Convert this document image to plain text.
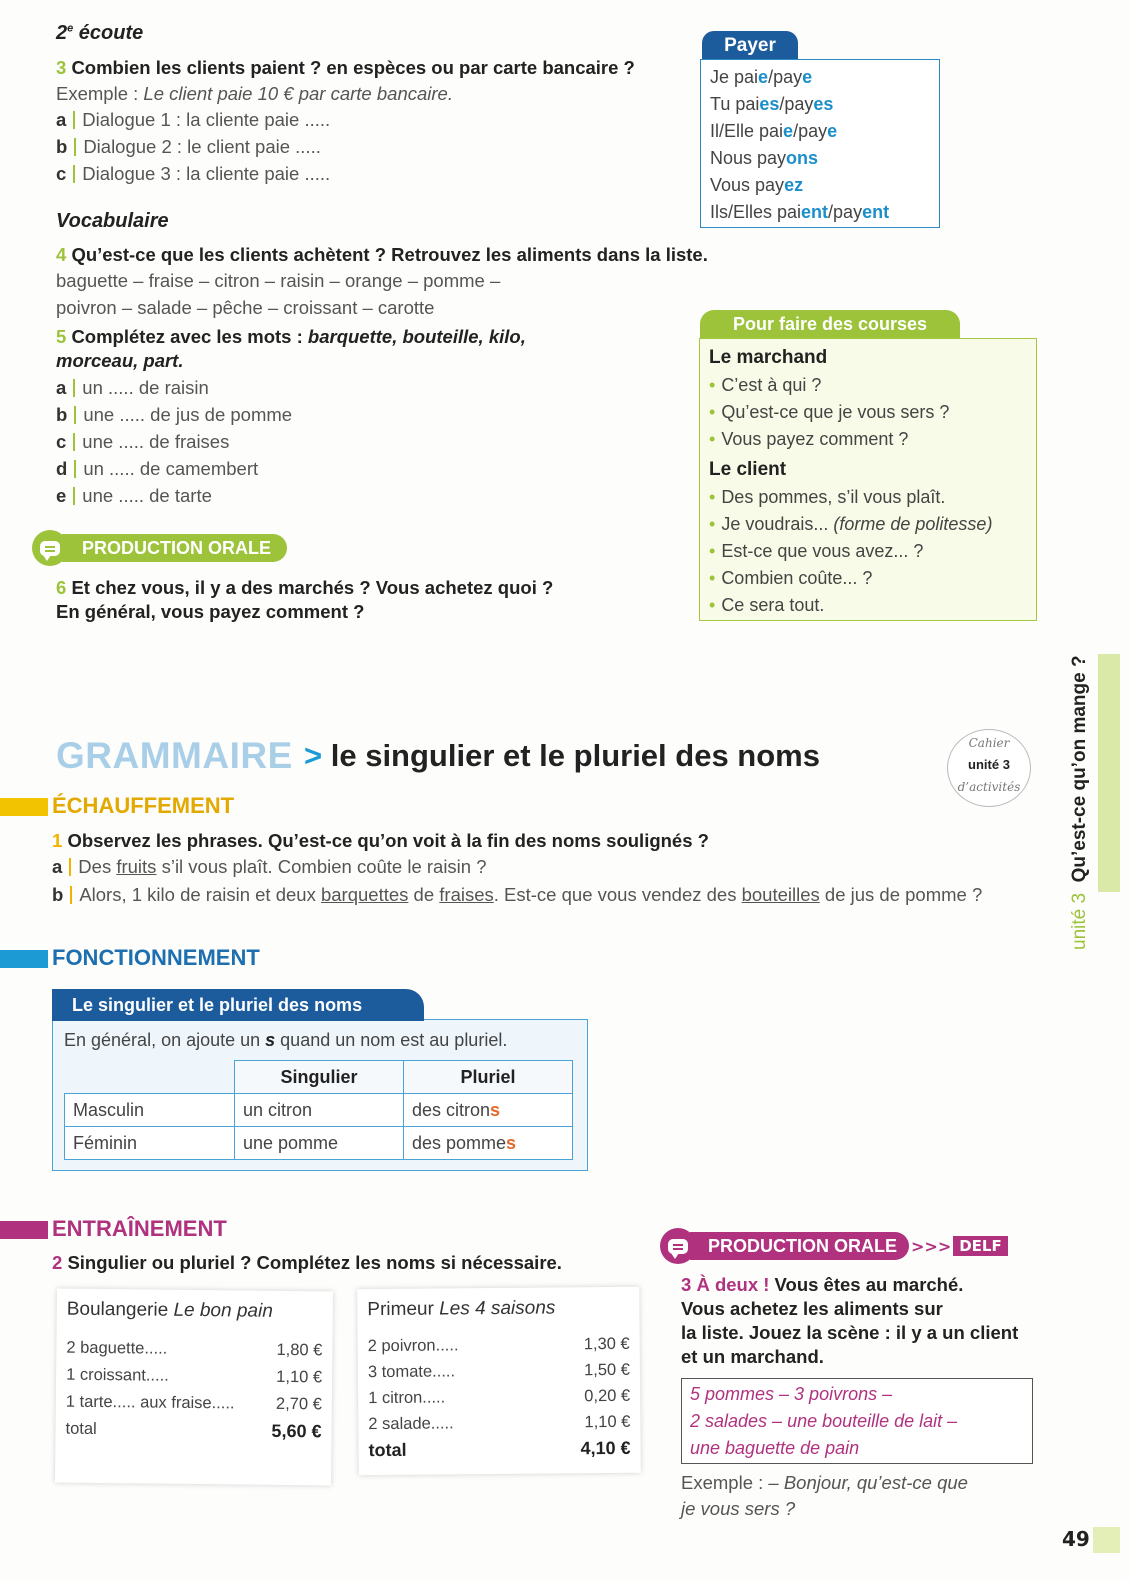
2e écoute
3 Combien les clients paient ? en espèces ou par carte bancaire ?
Exemple : Le client paie 10 € par carte bancaire.
a Dialogue 1 : la cliente paie .....
b Dialogue 2 : le client paie .....
c Dialogue 3 : la cliente paie .....
Vocabulaire
4 Qu’est-ce que les clients achètent ? Retrouvez les aliments dans la liste.
baguette – fraise – citron – raisin – orange – pomme –
poivron – salade – pêche – croissant – carotte
5 Complétez avec les mots : barquette, bouteille, kilo,
morceau, part.
a un ..... de raisin
b une ..... de jus de pomme
c une ..... de fraises
d un ..... de camembert
e une ..... de tarte
PRODUCTION ORALE
6 Et chez vous, il y a des marchés ? Vous achetez quoi ?
En général, vous payez comment ?
Payer
Je paie/paye
Tu paies/payes
Il/Elle paie/paye
Nous payons
Vous payez
Ils/Elles paient/payent
Pour faire des courses
Le marchand
• C’est à qui ?
• Qu’est-ce que je vous sers ?
• Vous payez comment ?
Le client
• Des pommes, s’il vous plaît.
• Je voudrais... (forme de politesse)
• Est-ce que vous avez... ?
• Combien coûte... ?
• Ce sera tout.
unité 3  Qu’est-ce qu’on mange ?
GRAMMAIRE > le singulier et le pluriel des noms	Cahier
unité 3
d’activités
ÉCHAUFFEMENT
1 Observez les phrases. Qu’est-ce qu’on voit à la fin des noms soulignés ?
a Des fruits s’il vous plaît. Combien coûte le raisin ?
b Alors, 1 kilo de raisin et deux barquettes de fraises. Est-ce que vous vendez des bouteilles de jus de pomme ?
FONCTIONNEMENT
Le singulier et le pluriel des noms
En général, on ajoute un s quand un nom est au pluriel.
	Singulier	Pluriel
Masculin	un citron	des citrons
Féminin	une pomme	des pommes
ENTRAÎNEMENT
2 Singulier ou pluriel ? Complétez les noms si nécessaire.
Boulangerie Le bon pain
2 baguette.....	1,80 €
1 croissant.....	1,10 €
1 tarte..... aux fraise..... 2,70 €
total	5,60 €
Primeur Les 4 saisons
2 poivron.....	1,30 €
3 tomate.....	1,50 €
1 citron.....	0,20 €
2 salade.....	1,10 €
total	4,10 €
PRODUCTION ORALE >>> DELF
3 À deux ! Vous êtes au marché.
Vous achetez les aliments sur
la liste. Jouez la scène : il y a un client
et un marchand.
5 pommes – 3 poivrons –
2 salades – une bouteille de lait –
une baguette de pain
Exemple : – Bonjour, qu’est-ce que
je vous sers ?
49
